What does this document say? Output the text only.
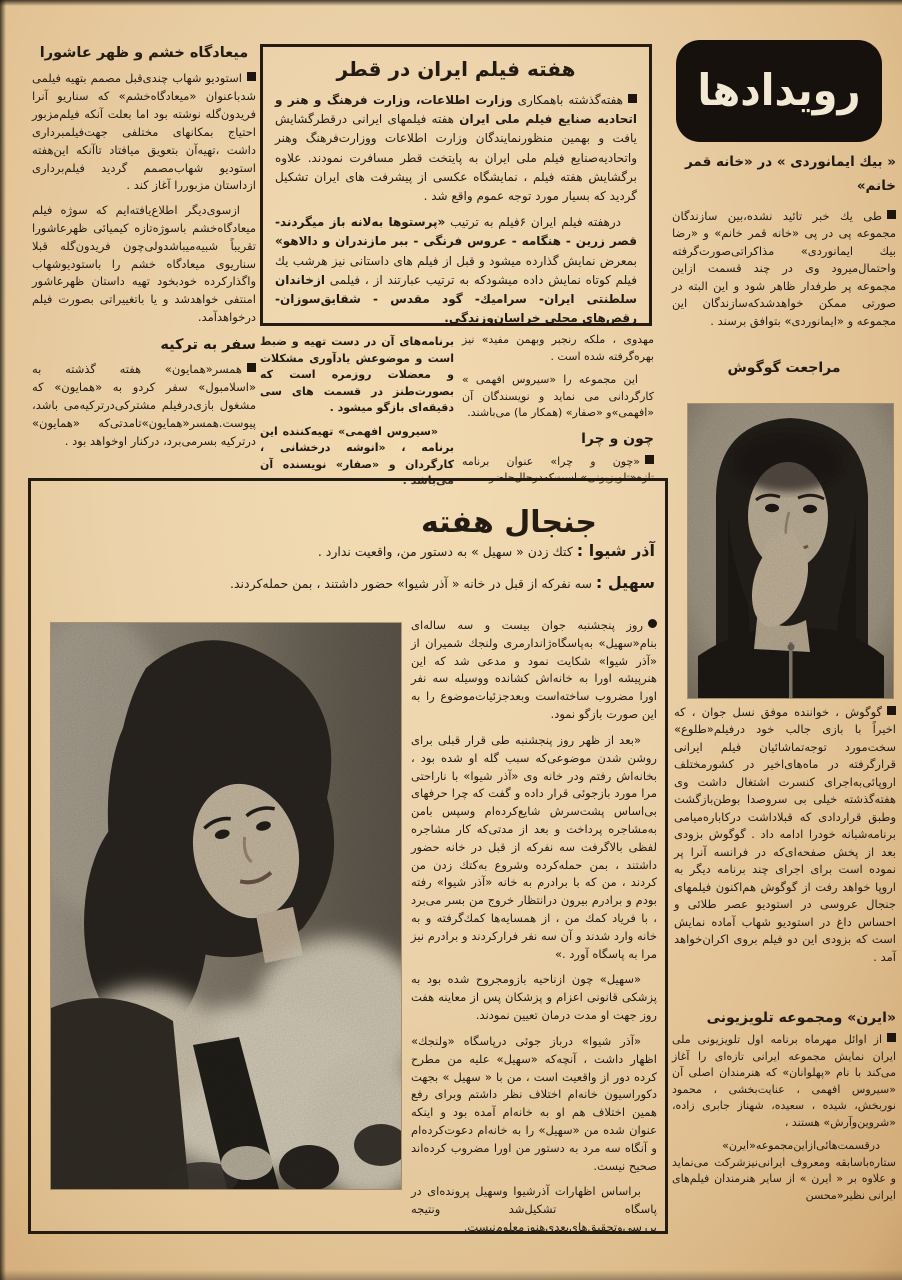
میعادگاه خشم و ظهر عاشورا

استودیو شهاب چندی‌قبل مصمم بتهیه فیلمی شدباعنوان «میعادگاه‌خشم» که سناریو آنرا فریدون‌گله نوشته بود اما بعلت آنکه فیلم‌مزبور احتیاج بمکانهای مختلفی جهت‌فیلمبرداری داشت ،تهیه‌آن بتعویق میافتاد تاآنکه این‌هفته استودیو شهاب‌مصمم گردید فیلم‌برداری ازداستان مزبوررا آغاز کند .

ازسوی‌دیگر اطلاع‌یافته‌ایم که سوژه فیلم میعادگاه‌خشم باسوژه‌تازه کیمیائی ظهرعاشورا تقریباً شبیه‌میباشدولی‌چون فریدون‌گله قبلا سناریوی میعادگاه خشم را باستودیوشهاب واگذارکرده خودبخود تهیه داستان ظهرعاشور امنتفی خواهدشد و یا باتغییراتی بصورت فیلم درخواهدآمد.

سفر به ترکیه

همسر«همایون» هفته گذشته به «اسلامبول» سفر کردو به «همایون» که مشغول بازی‌درفیلم مشترکی‌درترکیه‌می باشد، پیوست.همسر«همایون»تامدتی‌که «همایون» درترکیه بسرمی‌برد، درکنار اوخواهد بود .

هفته فیلم ایران در قطر

هفته‌گذشته باهمکاری وزارت اطلاعات، وزارت فرهنگ و هنر و اتحادیه صنایع فیلم ملی ایران هفته فیلمهای ایرانی درقطرگشایش یافت و بهمین منظورنمایندگان وزارت اطلاعات ووزارت‌فرهنگ وهنر واتحادیه‌صنایع فیلم ملی ایران به پایتخت قطر مسافرت نمودند. علاوه برگشایش هفته فیلم ، نمایشگاه عکسی از پیشرفت های ایران تشکیل گردید که بسیار مورد توجه عموم واقع شد .

درهفته فیلم ایران ۶فیلم به ترتیب «پرستوها به‌لانه باز میگردند- قصر زرین - هنگامه - عروس فرنگی - ببر مازندران و دالاهو» بمعرض نمایش گذارده میشود و قبل از فیلم های داستانی نیز هرشب یك فیلم کوتاه نمایش داده میشودکه به ترتیب عبارتند از ، فیلمی ازخاندان سلطنتی ایران- سرامیك- گود مقدس - شقایق‌سوزان- رقص‌های محلی خراسان‌وزندگی.

مهدوی ، ملکه رنجبر وبهمن مفید» نیز بهره‌گرفته شده است .

این مجموعه را «سیروس افهمی » کارگردانی می نماید و نویسندگان آن «افهمی»و «صفار» (همکار ما) می‌باشند.

چون و چرا

«چون و چرا» عنوان برنامه تازه«تلویزیونی» است‌که‌درحال‌حاضر

برنامه‌های آن در دست تهیه و ضبط است و موضوعش یادآوری مشکلات و معضلات روزمره است که بصورت‌طنز در قسمت های سی دقیقه‌ای بازگو میشود .

«سیروس افهمی» تهیه‌کننده این برنامه ، «انوشه درخشانی ، کارگردان و «صفار» نویسنده آن می‌باشد .

رویدادها
« بیك ایمانوردی » در «خانه قمر خانم»

طی یك خبر تائید نشده،بین سازندگان مجموعه پی در پی «خانه قمر خانم» و «رضا بیك ایمانوردی» مذاکراتی‌صورت‌گرفته واحتمال‌میرود وی در چند قسمت ازاین مجموعه پر طرفدار ظاهر شود و این البته در صورتی ممکن خواهدشدکه‌سازندگان این مجموعه و «ایمانوردی» بتوافق برسند .

مراجعت گوگوش

گوگوش ، خواننده موفق نسل جوان ، که اخیراً با بازی جالب خود درفیلم«طلوع» سخت‌مورد توجه‌تماشائیان فیلم ایرانی قرارگرفته در ماه‌های‌اخیر در کشورمختلف اروپائی‌به‌اجرای کنسرت اشتغال داشت وی هفته‌گذشته خیلی بی سروصدا بوطن‌بازگشت وطبق قراردادی که قبلاداشت درکاباره‌میامی برنامه‌شبانه خودرا ادامه داد . گوگوش بزودی بعد از پخش صفحه‌ای‌که در فرانسه آنرا پر نموده است برای اجرای چند برنامه دیگر به اروپا خواهد رفت از گوگوش هم‌اکنون فیلمهای جنجال عروسی در استودیو عصر طلائی و احساس داغ در استودیو شهاب آماده نمایش است که بزودی این دو فیلم بروی اکران‌خواهد آمد .

«ایرن» ومجموعه تلویزیونی

از اوائل مهرماه برنامه اول تلویزیونی ملی ایران نمایش مجموعه ایرانی تازه‌ای را آغاز می‌کند با نام «پهلوانان» که هنرمندان اصلی آن «سیروس افهمی ، عنایت‌بخشی ، محمود نوربخش، شیده ، سعیده، شهناز جابری زاده، «شروین‌وآرش» هستند ،

درقسمت‌هائی‌ازاین‌مجموعه«ایرن» ستاره‌باسابقه ومعروف ایرانی‌نیزشرکت می‌نماید و علاوه بر « ایرن » از سایر هنرمندان فیلم‌های ایرانی نظیر«محسن

جنجال هفته
آذر شیوا : کتك زدن « سهیل » به دستور من، واقعیت ندارد .
سهیل : سه نفرکه از قبل در خانه « آذر شیوا» حضور داشتند ، بمن حمله‌کردند.

روز پنجشنبه جوان بیست و سه ساله‌ای بنام«سهیل» به‌پاسگاه‌ژاندارمری ولنجك شمیران از «آذر شیوا» شکایت نمود و مدعی شد که این هنرپیشه اورا به خانه‌اش کشانده ووسیله سه نفر اورا مضروب ساخته‌است وبعدجزئیات‌موضوع را به این صورت بازگو نمود.

«بعد از ظهر روز پنجشنبه طی قرار قبلی برای روشن شدن موضوعی‌که سبب گله او شده بود ، بخانه‌اش رفتم ودر خانه وی «آذر شیوا» با ناراحتی مرا مورد بازجوئی قرار داده و گفت که چرا حرفهای بی‌اساس پشت‌سرش شایع‌کرده‌ام وسپس بامن به‌مشاجره پرداخت و بعد از مدتی‌که کار مشاجره لفظی بالاگرفت سه نفرکه از قبل در خانه حضور داشتند ، بمن حمله‌کرده وشروع به‌کتك زدن من کردند ، من که با برادرم به خانه «آذر شیوا» رفته بودم و برادرم بیرون درانتظار خروج من بسر می‌برد ، با فریاد کمك من ، از همسایه‌ها کمك‌گرفته و به خانه وارد شدند و آن سه نفر فرارکردند و برادرم نیز مرا به پاسگاه آورد .»

«سهیل» چون ازناحیه بازومجروح شده بود به پزشکی قانونی اعزام و پزشکان پس از معاینه هفت روز جهت او مدت درمان تعیین نمودند.

«آذر شیوا» درباز جوئی درپاسگاه «ولنجك» اظهار داشت ، آنچه‌که «سهیل» علیه من مطرح کرده دور از واقعیت است ، من با « سهیل » بجهت دکوراسیون خانه‌ام اختلاف نظر داشتم وبرای رفع همین اختلاف هم او به خانه‌ام آمده بود و اینکه عنوان شده من «سهیل» را به خانه‌ام دعوت‌کرده‌ام و آنگاه سه مرد به دستور من اورا مضروب کرده‌اند صحیح نیست.

براساس اظهارات آذرشیوا وسهیل پرونده‌ای در پاسگاه تشکیل‌شد ونتیجه بررسی‌وتحقیق‌های‌بعدی‌هنوزمعلوم‌نیست.
